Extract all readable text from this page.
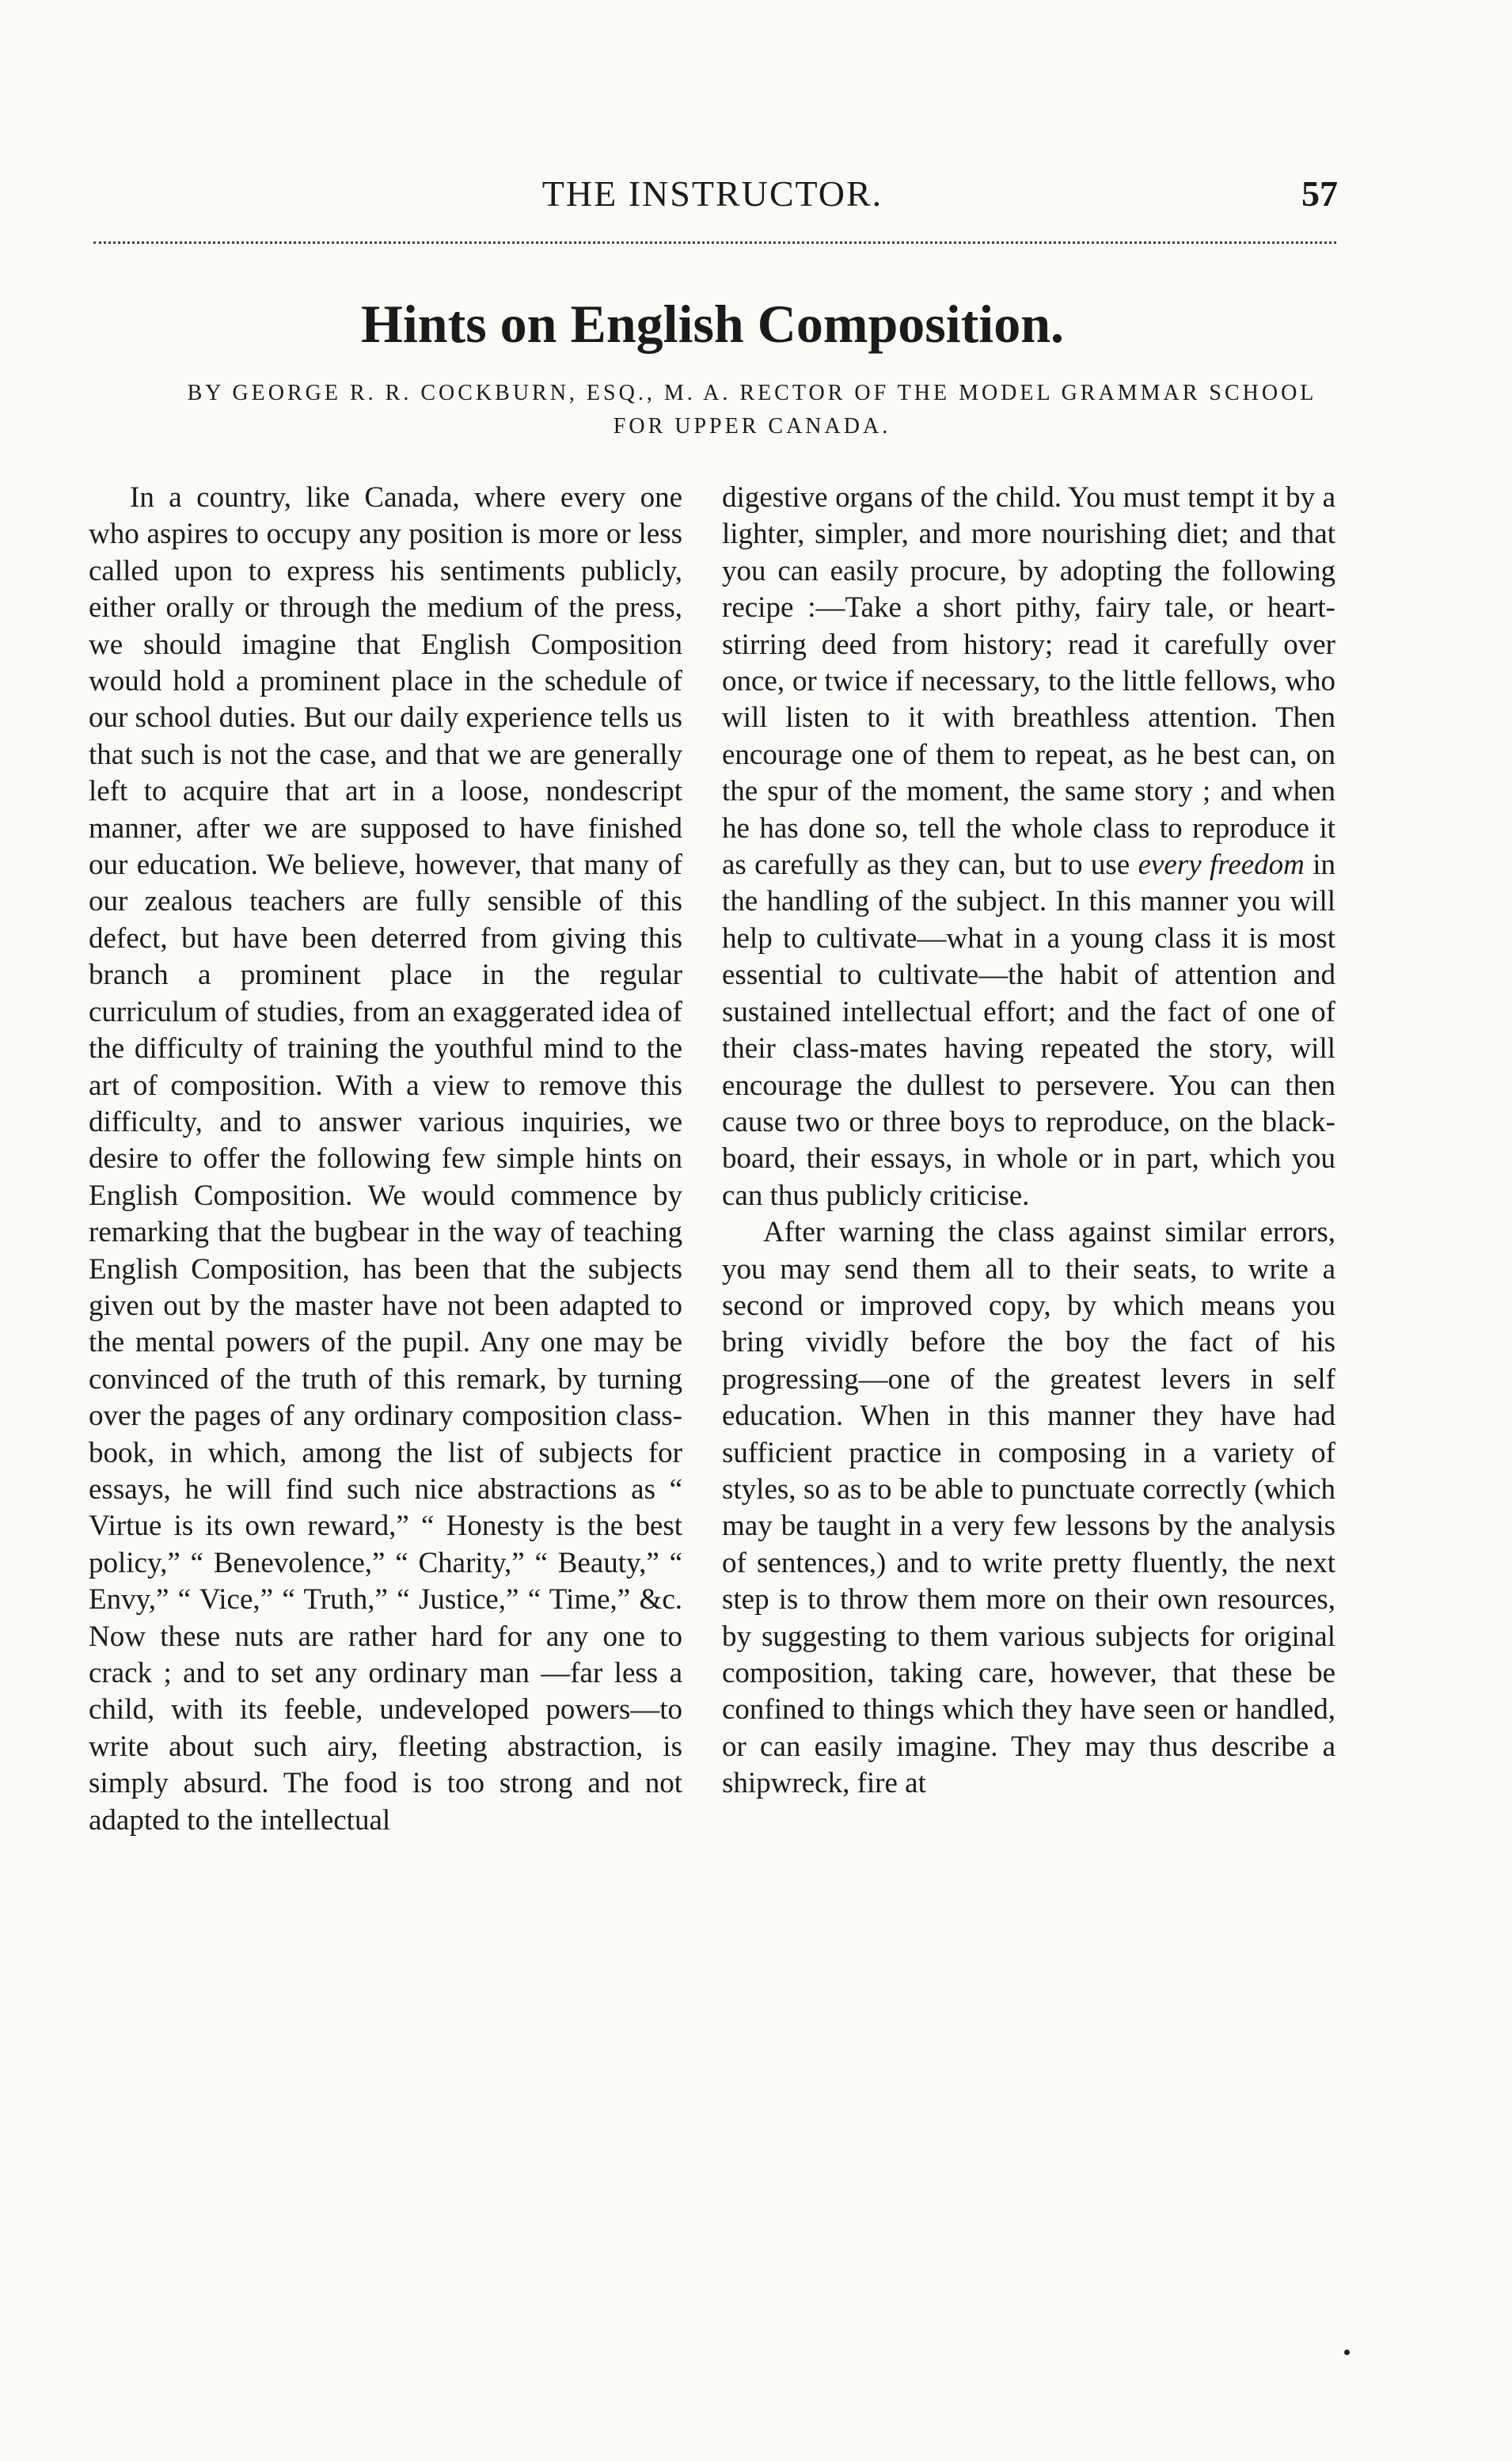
THE INSTRUCTOR.	57
Hints on English Composition.

BY GEORGE R. R. COCKBURN, ESQ., M. A. RECTOR OF THE MODEL GRAMMAR SCHOOL FOR UPPER CANADA.

In a country, like Canada, where every one who aspires to occupy any position is more or less called upon to express his sentiments publicly, either orally or through the medium of the press, we should imagine that English Composition would hold a prominent place in the schedule of our school duties. But our daily experience tells us that such is not the case, and that we are generally left to acquire that art in a loose, nondescript manner, after we are supposed to have finished our education. We believe, however, that many of our zealous teachers are fully sensible of this defect, but have been deterred from giving this branch a prominent place in the regular curriculum of studies, from an exaggerated idea of the difficulty of training the youthful mind to the art of composition. With a view to remove this difficulty, and to answer various inquiries, we desire to offer the following few simple hints on English Composition. We would commence by remarking that the bugbear in the way of teaching English Composition, has been that the subjects given out by the master have not been adapted to the mental powers of the pupil. Any one may be convinced of the truth of this remark, by turning over the pages of any ordinary composition class-book, in which, among the list of subjects for essays, he will find such nice abstractions as “ Virtue is its own reward,” “ Honesty is the best policy,” “ Benevolence,” “ Charity,” “ Beauty,” “ Envy,” “ Vice,” “ Truth,” “ Justice,” “ Time,” &c. Now these nuts are rather hard for any one to crack ; and to set any ordinary man —far less a child, with its feeble, undeveloped powers—to write about such airy, fleeting abstraction, is simply absurd. The food is too strong and not adapted to the intellectual

digestive organs of the child. You must tempt it by a lighter, simpler, and more nourishing diet; and that you can easily procure, by adopting the following recipe :—Take a short pithy, fairy tale, or heart-stirring deed from history; read it carefully over once, or twice if necessary, to the little fellows, who will listen to it with breathless attention. Then encourage one of them to repeat, as he best can, on the spur of the moment, the same story ; and when he has done so, tell the whole class to reproduce it as carefully as they can, but to use every freedom in the handling of the subject. In this manner you will help to cultivate—what in a young class it is most essential to cultivate—the habit of attention and sustained intellectual effort; and the fact of one of their class-mates having repeated the story, will encourage the dullest to persevere. You can then cause two or three boys to reproduce, on the black-board, their essays, in whole or in part, which you can thus publicly criticise.

After warning the class against similar errors, you may send them all to their seats, to write a second or improved copy, by which means you bring vividly before the boy the fact of his progressing—one of the greatest levers in self education. When in this manner they have had sufficient practice in composing in a variety of styles, so as to be able to punctuate correctly (which may be taught in a very few lessons by the analysis of sentences,) and to write pretty fluently, the next step is to throw them more on their own resources, by suggesting to them various subjects for original composition, taking care, however, that these be confined to things which they have seen or handled, or can easily imagine. They may thus describe a shipwreck, fire at
